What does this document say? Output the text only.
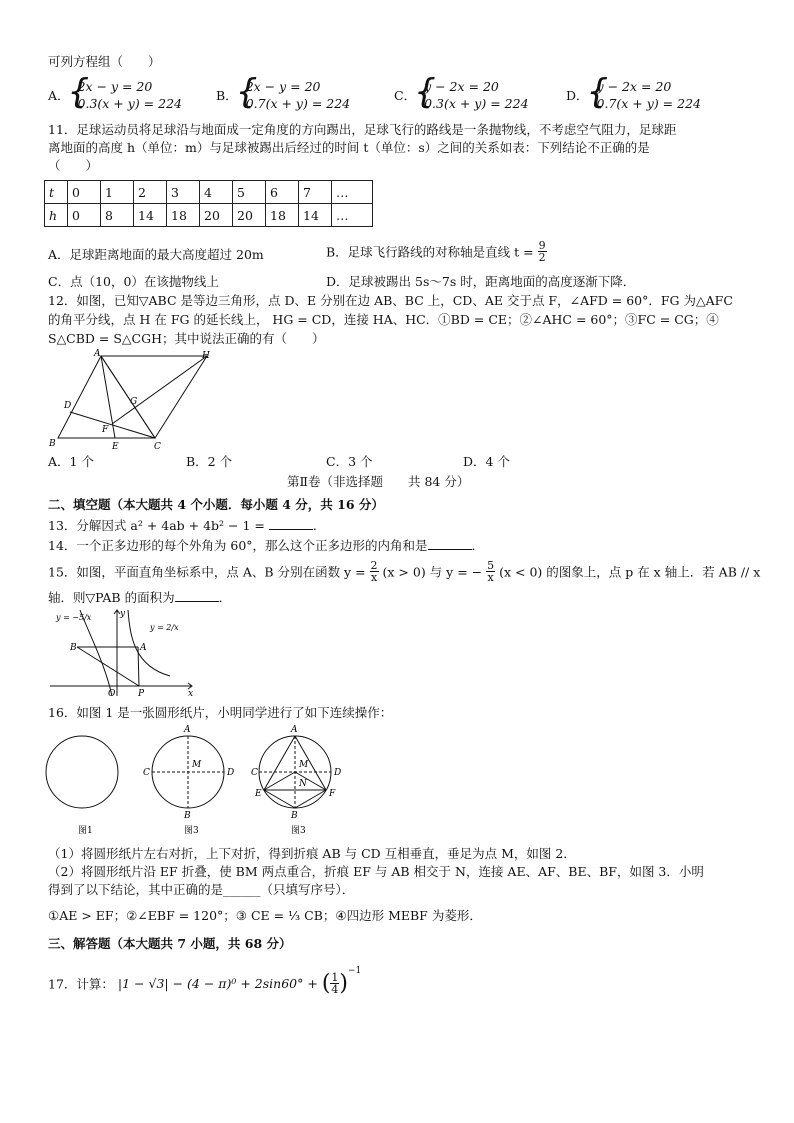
可列方程组（　　）
A．
{ 2x − y = 20
0.3(x + y) = 224
B．
{ 2x − y = 20
0.7(x + y) = 224
C．
{ y − 2x = 20
0.3(x + y) = 224
D．
{ y − 2x = 20
0.7(x + y) = 224
11．足球运动员将足球沿与地面成一定角度的方向踢出，足球飞行的路线是一条抛物线，不考虑空气阻力，足球距
离地面的高度 h（单位：m）与足球被踢出后经过的时间 t（单位：s）之间的关系如表：下列结论不正确的是
（　　）
t	0	1	2	3	4	5	6	7	…
h	0	8	14	18	20	20	18	14	…
A．足球距离地面的最大高度超过 20m	B．足球飞行路线的对称轴是直线 $t = \frac{9}{2}$
C．点（10，0）在该抛物线上	D．足球被踢出 5s～7s 时，距离地面的高度逐渐下降．
12．如图，已知▽ABC 是等边三角形，点 D、E 分别在边 AB、BC 上，CD、AE 交于点 F，∠AFD = 60°．FG 为△AFC
的角平分线，点 H 在 FG 的延长线上， HG = CD，连接 HA、HC．①BD = CE；②∠AHC = 60°；③FC = CG；④
S△CBD = S△CGH；其中说法正确的有（　　）
A	H
D	G
F
B	E	C
A．1 个	B．2 个	C．3 个	D．4 个
第Ⅱ卷（非选择题　　共 84 分）
二、填空题（本大题共 4 个小题．每小题 4 分，共 16 分）
13．分解因式 a² + 4ab + 4b² − 1 =	．
14．一个正多边形的每个外角为 60°，那么这个正多边形的内角和是	．
15．如图，平面直角坐标系中，点 A、B 分别在函数 $y = \frac{2}{x} (x > 0)$ 与 y = − $\frac{5}{x} (x < 0)$ 的图象上，点 p 在 x 轴上．若 AB // x
轴．则▽PAB 的面积为	．
y = −5/x
y = 2/x
B	A
O	P	x
y
16．如图 1 是一张圆形纸片，小明同学进行了如下连续操作：
A
B
C	D
M
A
B
C	D
M
N
E	F
图1	图3	图3
（1）将圆形纸片左右对折，上下对折，得到折痕 AB 与 CD 互相垂直，垂足为点 M，如图 2．
（2）将圆形纸片沿 EF 折叠，使 BM 两点重合，折痕 EF 与 AB 相交于 N，连接 AE、AF、BE、BF，如图 3．小明
得到了以下结论，其中正确的是______（只填写序号）．
①AE > EF；②∠EBF = 120°；③ CE = ⅓ CB；④四边形 MEBF 为菱形．
三、解答题（本大题共 7 小题，共 68 分）
17．计算： |1 − √3| − (4 − π)⁰ + 2sin60° + ( $\frac{1}{4} )^{-1}$
